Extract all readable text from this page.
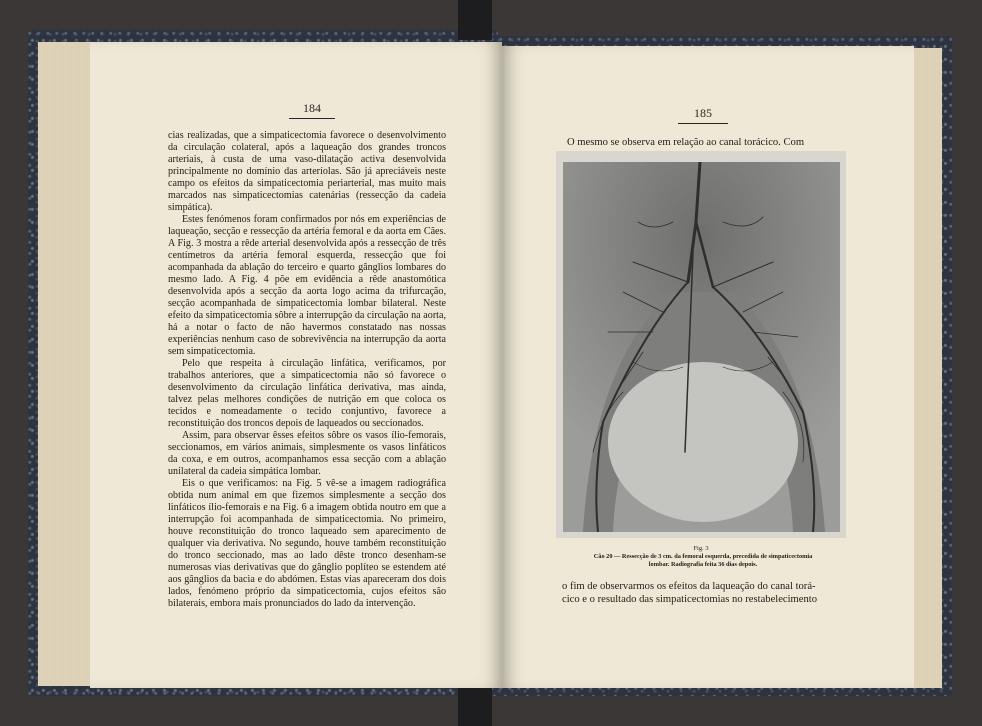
184

cias realizadas, que a simpaticectomia favorece o desenvolvimento da circulação colateral, após a laqueação dos grandes troncos arteriais, à custa de uma vaso-dilatação activa desenvolvida principalmente no domínio das arteríolas. São já apreciáveis neste campo os efeitos da simpaticectomia periarterial, mas muito mais marcados nas simpaticectomias catenárias (ressecção da cadeia simpática).

Estes fenómenos foram confirmados por nós em experiências de laqueação, secção e ressecção da artéria femoral e da aorta em Cães. A Fig. 3 mostra a rêde arterial desenvolvida após a ressecção de três centímetros da artéria femoral esquerda, ressecção que foi acompanhada da ablação do terceiro e quarto gânglios lombares do mesmo lado. A Fig. 4 põe em evidência a rêde anastomótica desenvolvida após a secção da aorta logo acima da trifurcação, secção acompanhada de simpaticectomia lombar bilateral. Neste efeito da simpaticectomia sôbre a interrupção da circulação na aorta, há a notar o facto de não havermos constatado nas nossas experiências nenhum caso de sobrevivência na interrupção da aorta sem simpaticectomia.

Pelo que respeita à circulação linfática, verificamos, por trabalhos anteriores, que a simpaticectomia não só favorece o desenvolvimento da circulação linfática derivativa, mas ainda, talvez pelas melhores condições de nutrição em que coloca os tecidos e nomeadamente o tecido conjuntivo, favorece a reconstituição dos troncos depois de laqueados ou seccionados.

Assim, para observar êsses efeitos sôbre os vasos ílio-femorais, seccionamos, em vários animais, simplesmente os vasos linfáticos da coxa, e em outros, acompanhamos essa secção com a ablação unilateral da cadeia simpática lombar.

Eis o que verificamos: na Fig. 5 vê-se a imagem radiográfica obtida num animal em que fizemos simplesmente a secção dos linfáticos ílio-femorais e na Fig. 6 a imagem obtida noutro em que a interrupção foi acompanhada de simpaticectomia. No primeiro, houve reconstituição do tronco laqueado sem aparecimento de qualquer via derivativa. No segundo, houve também reconstituição do tronco seccionado, mas ao lado dêste tronco desenham-se numerosas vias derivativas que do gânglio poplíteo se estendem até aos gânglios da bacia e do abdómen. Estas vias apareceram dos dois lados, fenómeno próprio da simpaticectomia, cujos efeitos são bilaterais, embora mais pronunciados do lado da intervenção.

185
O mesmo se observa em relação ao canal torácico. Com
Fig. 3
Cão 20 — Ressecção de 3 cm. da femoral esquerda, precedida de simpaticectomia
lombar. Radiografia feita 36 dias depois.

o fim de observarmos os efeitos da laqueação do canal torá-

cico e o resultado das simpaticectomias no restabelecimento
